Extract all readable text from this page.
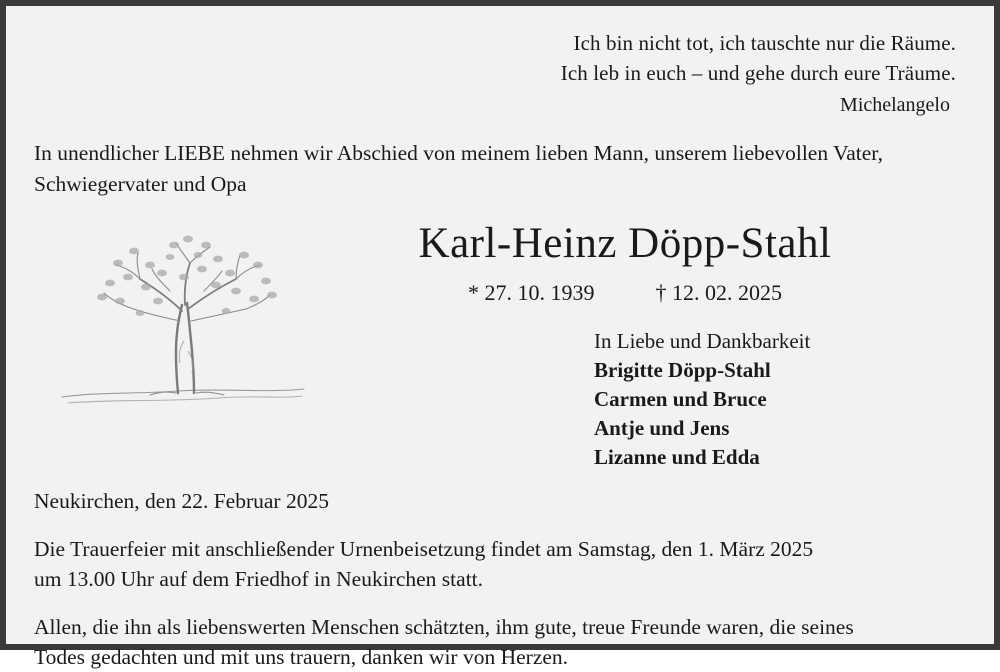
Ich bin nicht tot, ich tauschte nur die Räume.
Ich leb in euch – und gehe durch eure Träume.
Michelangelo
In unendlicher LIEBE nehmen wir Abschied von meinem lieben Mann, unserem liebevollen Vater,
Schwiegervater und Opa
Karl-Heinz Döpp-Stahl
* 27. 10. 1939	† 12. 02. 2025
In Liebe und Dankbarkeit
Brigitte Döpp-Stahl
Carmen und Bruce
Antje und Jens
Lizanne und Edda
Neukirchen, den 22. Februar 2025
Die Trauerfeier mit anschließender Urnenbeisetzung findet am Samstag, den 1. März 2025
um 13.00 Uhr auf dem Friedhof in Neukirchen statt.
Allen, die ihn als liebenswerten Menschen schätzten, ihm gute, treue Freunde waren, die seines
Todes gedachten und mit uns trauern, danken wir von Herzen.
